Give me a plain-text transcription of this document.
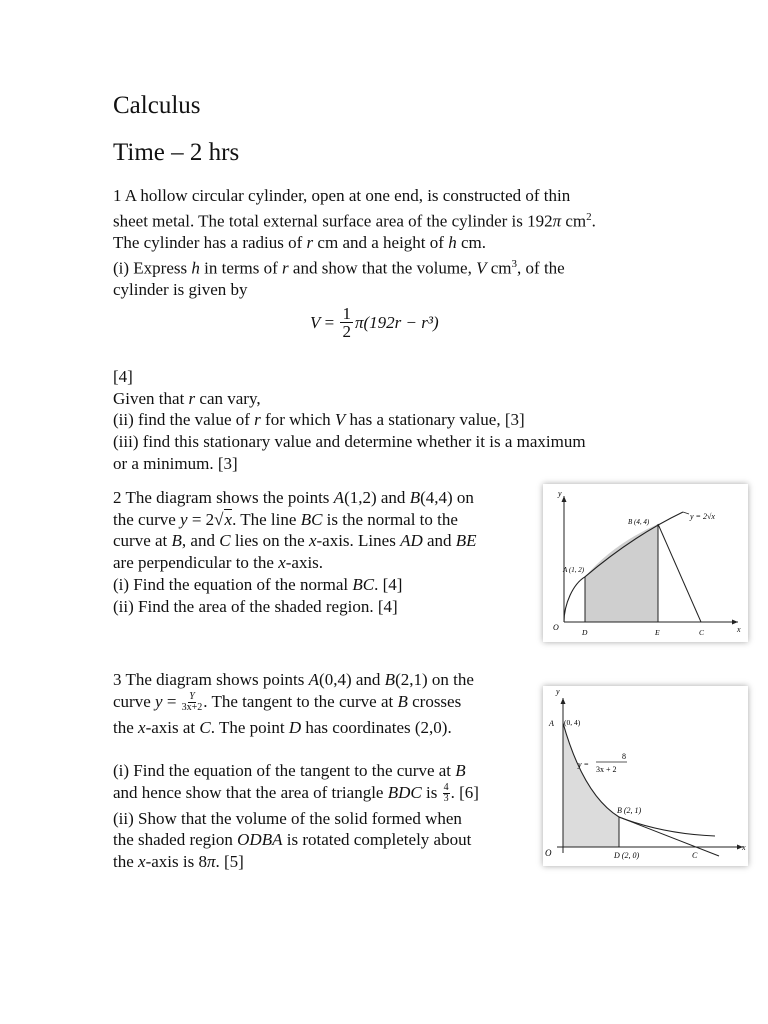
Calculus
Time – 2 hrs
1 A hollow circular cylinder, open at one end, is constructed of thin
sheet metal. The total external surface area of the cylinder is 192π $cm^2$.
The cylinder has a radius of r cm and a height of h cm.
(i) Express h in terms of r and show that the volume, V $cm^3$, of the
cylinder is given by
$V = \frac{1}{2} \pi(192r - r^3)$
[4]
Given that r can vary,
(ii) find the value of r for which V has a stationary value, [3]
(iii) find this stationary value and determine whether it is a maximum
or a minimum. [3]
2 The diagram shows the points A(1,2) and B(4,4) on
the curve y = 2√x. The line BC is the normal to the
curve at B, and C lies on the x-axis. Lines AD and BE
are perpendicular to the x-axis.
(i) Find the equation of the normal BC. [4]
(ii) Find the area of the shaded region. [4]
y
x
O
A (1, 2)
B (4, 4)
y = 2√x
D	E	C
3 The diagram shows points A(0,4) and B(2,1) on the
curve $y = \frac{Y}{3x+2}$ . The tangent to the curve at B crosses
the x-axis at C. The point D has coordinates (2,0).
(i) Find the equation of the tangent to the curve at B
and hence show that the area of triangle BDC is $\frac{4}{3}$ . [6]
(ii) Show that the volume of the solid formed when
the shaded region ODBA is rotated completely about
the x-axis is 8π. [5]
y
x
O
A (0, 4)
y =
8
3x + 2
B (2, 1)
D (2, 0)	C
